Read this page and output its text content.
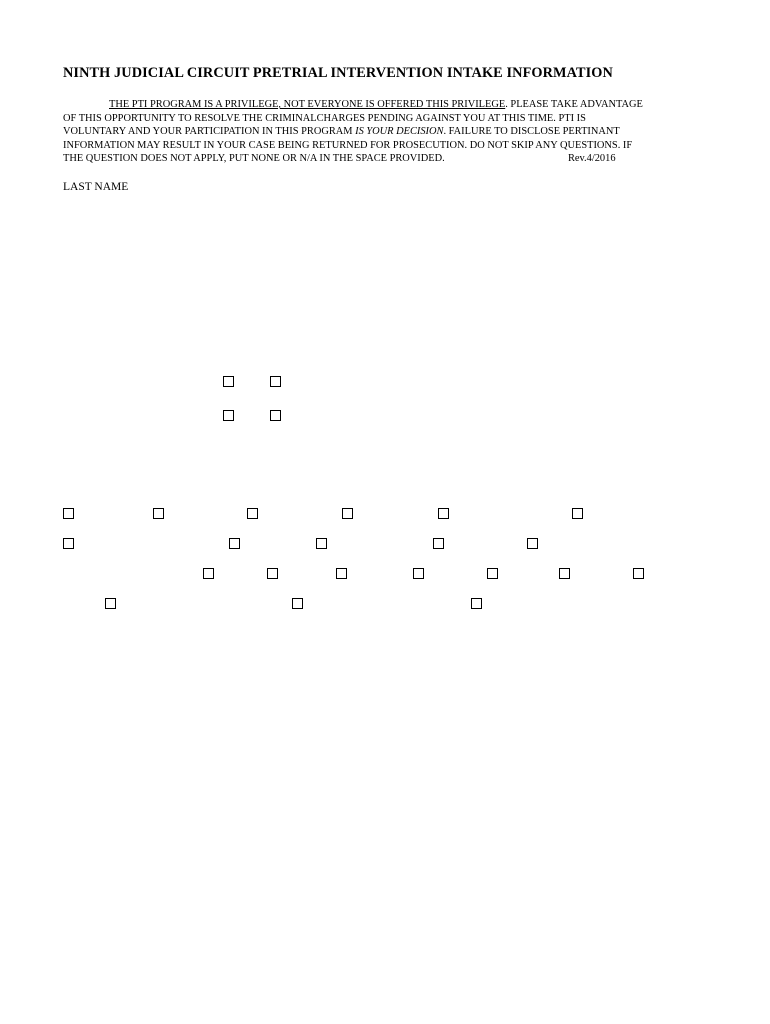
NINTH JUDICIAL CIRCUIT PRETRIAL INTERVENTION INTAKE INFORMATION
THE PTI PROGRAM IS A PRIVILEGE, NOT EVERYONE IS OFFERED THIS PRIVILEGE. PLEASE TAKE ADVANTAGE
OF THIS OPPORTUNITY TO RESOLVE THE CRIMINALCHARGES PENDING AGAINST YOU AT THIS TIME. PTI IS
VOLUNTARY AND YOUR PARTICIPATION IN THIS PROGRAM IS YOUR DECISION. FAILURE TO DISCLOSE PERTINANT
INFORMATION MAY RESULT IN YOUR CASE BEING RETURNED FOR PROSECUTION. DO NOT SKIP ANY QUESTIONS. IF
THE QUESTION DOES NOT APPLY, PUT NONE OR N/A IN THE SPACE PROVIDED.	Rev.4/2016
LAST NAME
